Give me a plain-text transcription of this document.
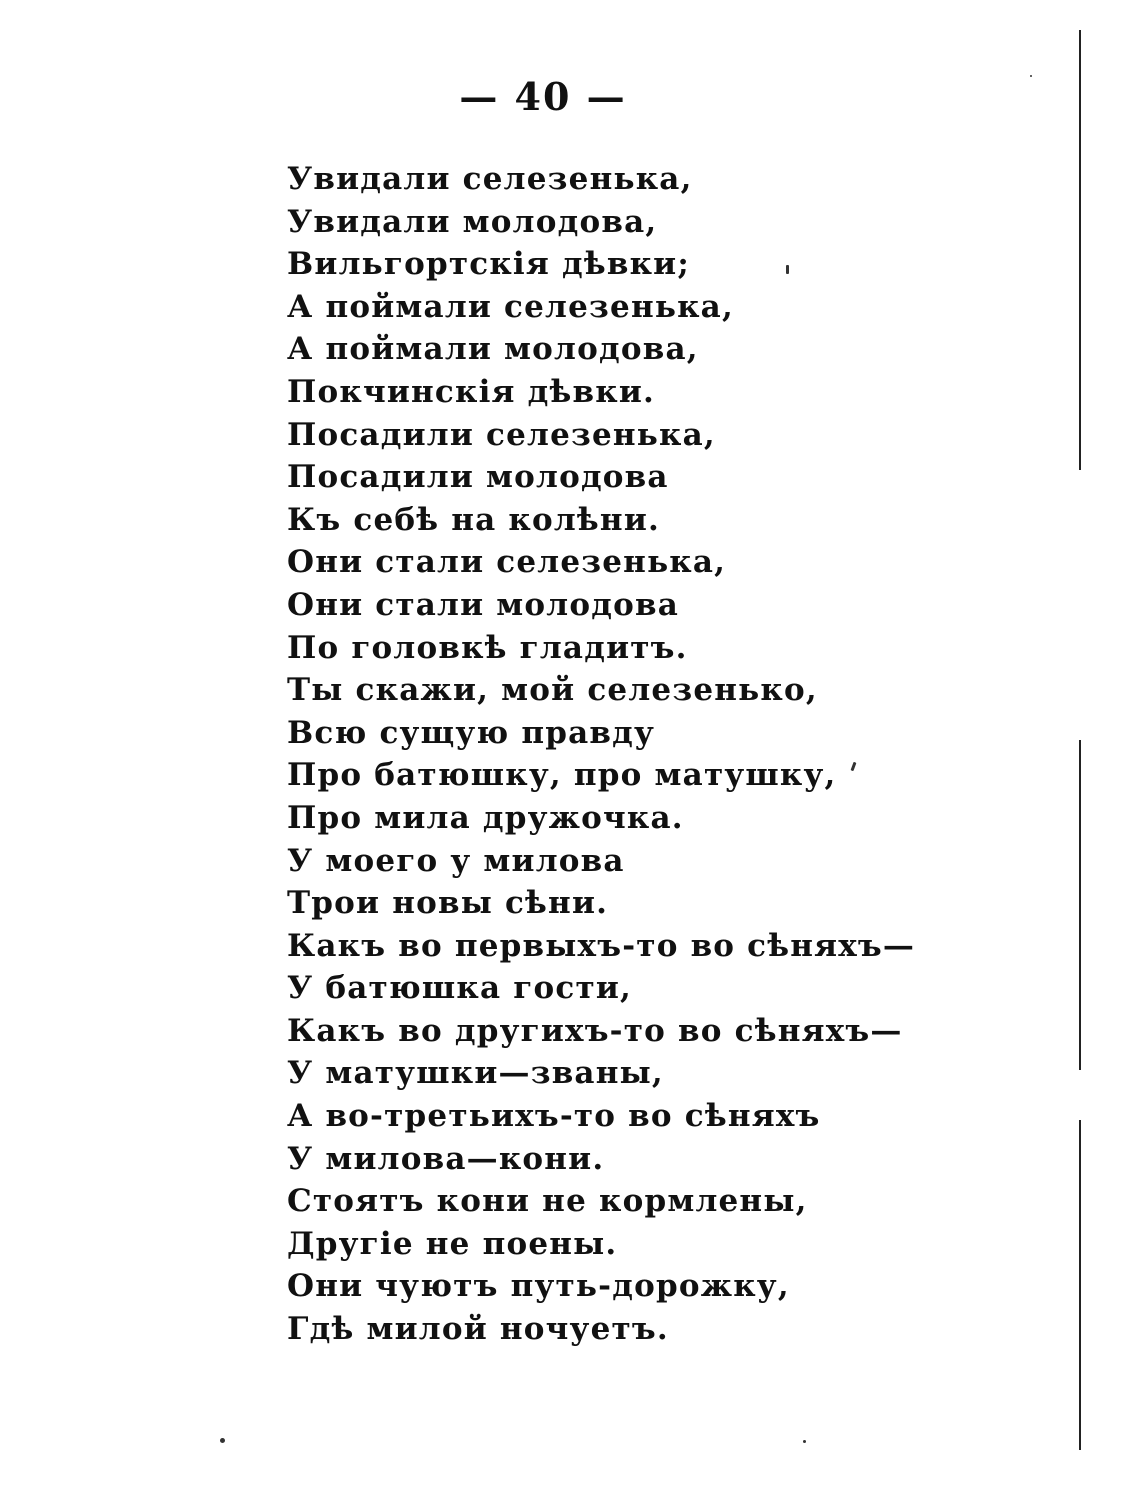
— 40 —
Увидали селезенька,
Увидали молодова,
Вильгортскія дѣвки;
А поймали селезенька,
А поймали молодова,
Покчинскія дѣвки.
Посадили селезенька,
Посадили молодова
Къ себѣ на колѣни.
Они стали селезенька,
Они стали молодова
По головкѣ гладитъ.
Ты скажи, мой селезенько,
Всю сущую правду
Про батюшку, про матушку,
Про мила дружочка.
У моего у милова
Трои новы сѣни.
Какъ во первыхъ-то во сѣняхъ—
У батюшка гости,
Какъ во другихъ-то во сѣняхъ—
У матушки—званы,
А во-третьихъ-то во сѣняхъ
У милова—кони.
Стоятъ кони не кормлены,
Другіе не поены.
Они чуютъ путь-дорожку,
Гдѣ милой ночуетъ.
